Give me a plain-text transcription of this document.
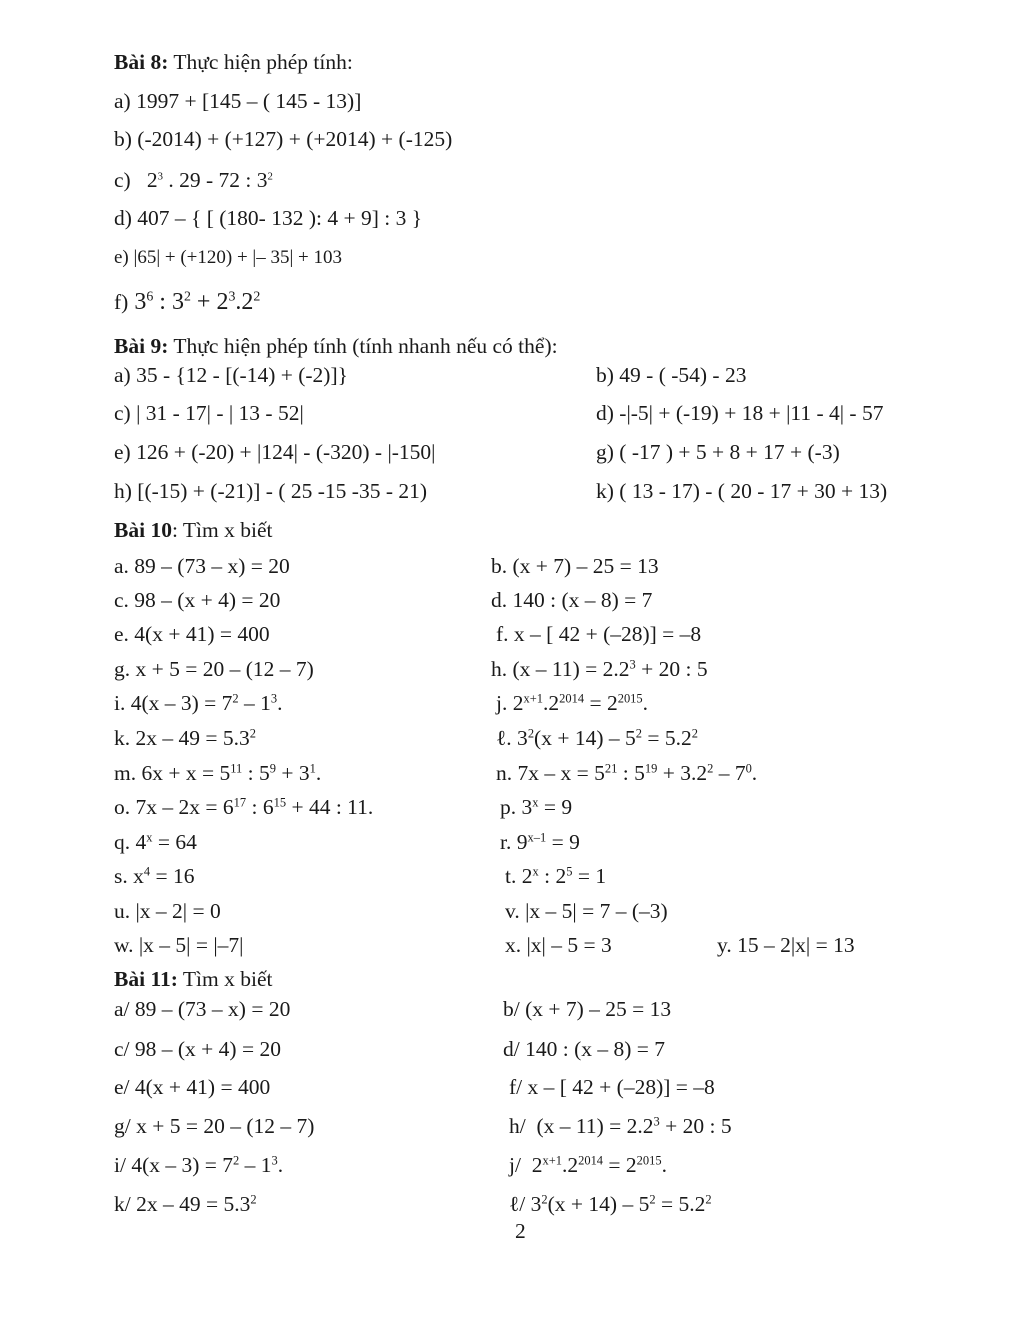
Bài 8: Thực hiện phép tính:
a) 1997 + [145 – ( 145 - 13)]
b) (-2014) + (+127) + (+2014) + (-125)
c) $2^3$ . 29 - 72 : $3^2$
d) 407 – { [ (180- 132 ): 4 + 9] : 3 }
e) |65| + (+120) + |– 35| + 103
f) $3^6$ : $3^2 + 2^3.2^2$
Bài 9: Thực hiện phép tính (tính nhanh nếu có thể):
a) 35 - {12 - [(-14) + (-2)]}	b) 49 - ( -54) - 23
c) | 31 - 17| - | 13 - 52|	d) -|-5| + (-19) + 18 + |11 - 4| - 57
e) 126 + (-20) + |124| - (-320) - |-150|	g) ( -17 ) + 5 + 8 + 17 + (-3)
h) [(-15) + (-21)] - ( 25 -15 -35 - 21)	k) ( 13 - 17) - ( 20 - 17 + 30 + 13)
Bài 10: Tìm x biết
a. 89 – (73 – x) = 20	b. (x + 7) – 25 = 13
c. 98 – (x + 4) = 20	d. 140 : (x – 8) = 7
e. 4(x + 41) = 400	f. x – [ 42 + (–28)] = –8
g. x + 5 = 20 – (12 – 7)	h. $(x - 11) = 2.2^3 + 20$ : 5
i. $4(x - 3) = 7^2 - 1^3$.	j. $2^{x+1}.2^{2014} = 2^{2015}$.
k. $2x - 49 = 5.3^2$	ℓ. $3^2(x + 14) - 5^2 = 5.2^2$
m. $6x + x = 5^{11}$ : $5^9 + 3^1$.	n. $7x - x = 5^{21}$ : $5^{19} + 3.2^2 - 7^0$.
o. $7x - 2x = 6^{17}$ : $6^{15} + 44$ : 11.	p. $3^x = 9$
q. $4^x = 64$	r. $9^{x-1} = 9$
s. $x^4 = 16$	t. 2$^x$ : $2^5 = 1$
u. |x – 2| = 0	v. |x – 5| = 7 – (–3)
w. |x – 5| = |–7|	x. |x| – 5 = 3	y. 15 – 2|x| = 13
Bài 11: Tìm x biết
a/ 89 – (73 – x) = 20	b/ (x + 7) – 25 = 13
c/ 98 – (x + 4) = 20	d/ 140 : (x – 8) = 7
e/ 4(x + 41) = 400	f/ x – [ 42 + (–28)] = –8
g/ x + 5 = 20 – (12 – 7)	h/  $(x - 11) = 2.2^3 + 20$ : 5
i/ $4(x - 3) = 7^2 - 1^3$.	j/  $2^{x+1}.2^{2014} = 2^{2015}$.
k/ $2x - 49 = 5.3^2$	ℓ/ $3^2(x + 14) - 5^2 = 5.2^2$
2
